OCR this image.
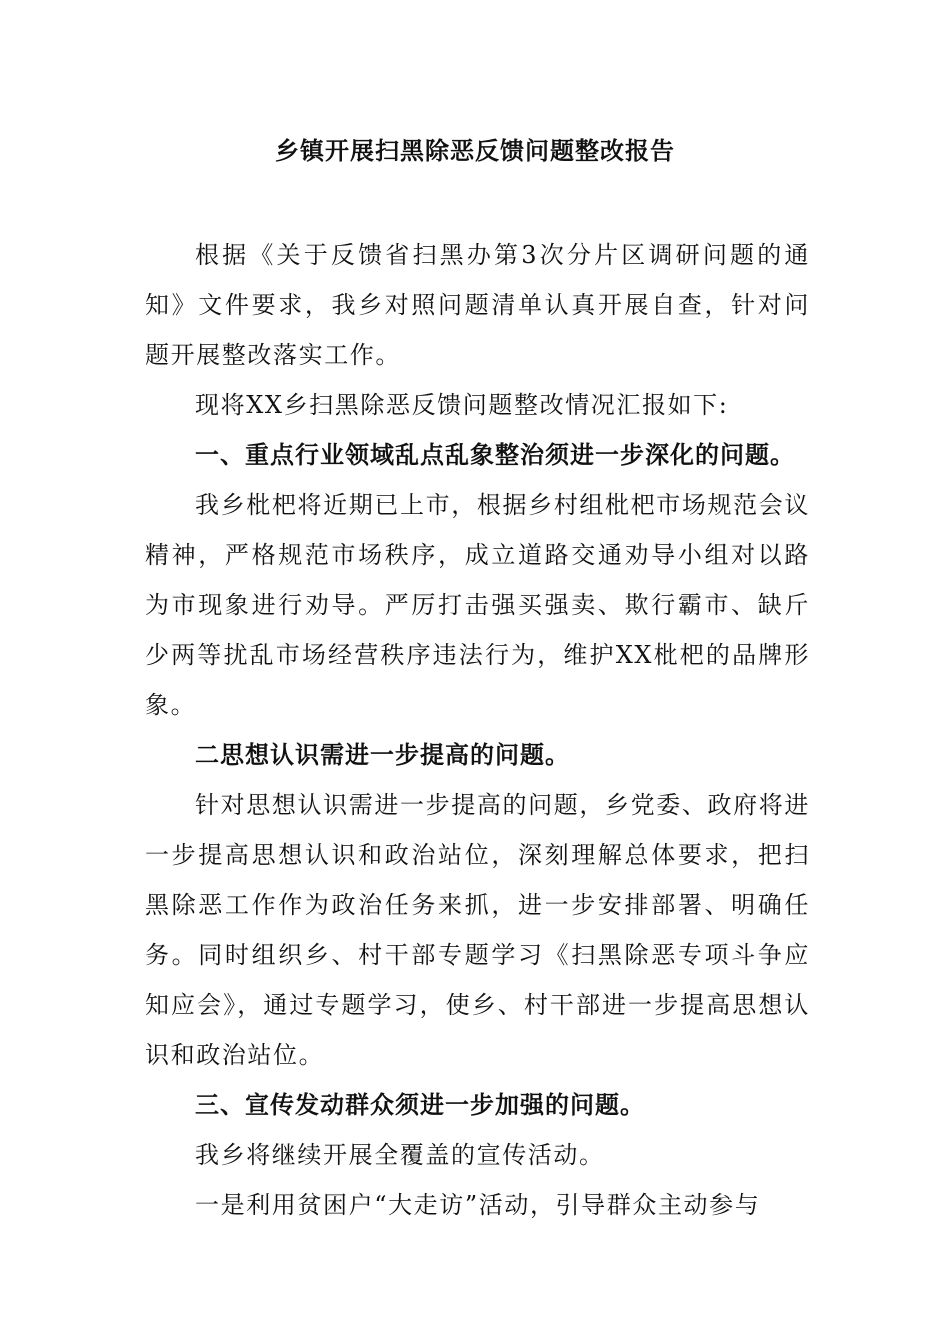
乡镇开展扫黑除恶反馈问题整改报告

根据《关于反馈省扫黑办第3次分片区调研问题的通知》文件要求，我乡对照问题清单认真开展自查，针对问题开展整改落实工作。

现将XX乡扫黑除恶反馈问题整改情况汇报如下:

一、重点行业领域乱点乱象整治须进一步深化的问题。

我乡枇杷将近期已上市，根据乡村组枇杷市场规范会议精神，严格规范市场秩序，成立道路交通劝导小组对以路为市现象进行劝导。严厉打击强买强卖、欺行霸市、缺斤少两等扰乱市场经营秩序违法行为，维护XX枇杷的品牌形象。

二思想认识需进一步提高的问题。

针对思想认识需进一步提高的问题，乡党委、政府将进一步提高思想认识和政治站位，深刻理解总体要求，把扫黑除恶工作作为政治任务来抓，进一步安排部署、明确任务。同时组织乡、村干部专题学习《扫黑除恶专项斗争应知应会》，通过专题学习，使乡、村干部进一步提高思想认识和政治站位。

三、宣传发动群众须进一步加强的问题。

我乡将继续开展全覆盖的宣传活动。

一是利用贫困户“大走访”活动，引导群众主动参与
